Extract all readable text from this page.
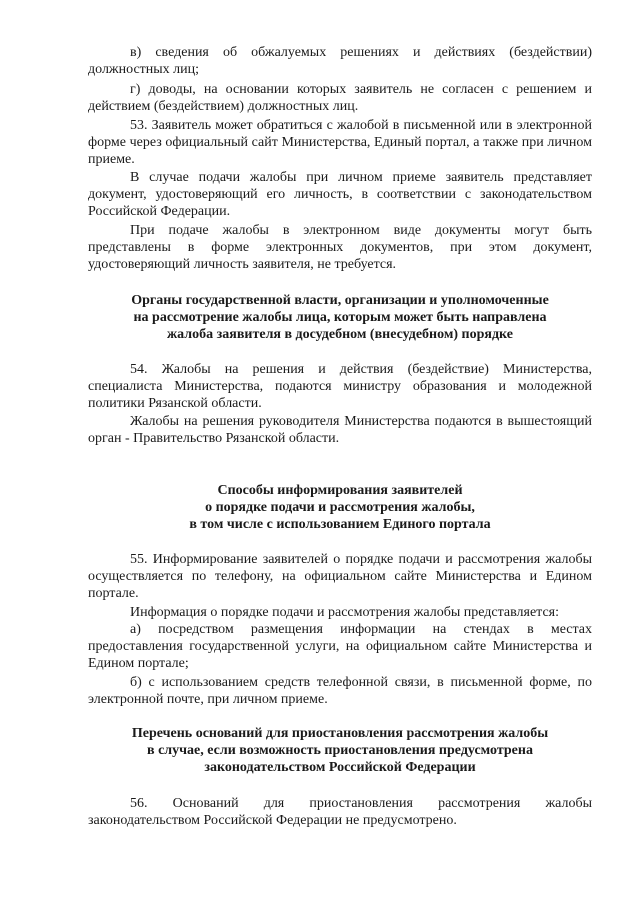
в) сведения об обжалуемых решениях и действиях (бездействии) должностных лиц;

г) доводы, на основании которых заявитель не согласен с решением и действием (бездействием) должностных лиц.

53. Заявитель может обратиться с жалобой в письменной или в электронной форме через официальный сайт Министерства, Единый портал, а также при личном приеме.

В случае подачи жалобы при личном приеме заявитель представляет документ, удостоверяющий его личность, в соответствии с законодательством Российской Федерации.

При подаче жалобы в электронном виде документы могут быть представлены в форме электронных документов, при этом документ, удостоверяющий личность заявителя, не требуется.

Органы государственной власти, организации и уполномоченные
на рассмотрение жалобы лица, которым может быть направлена
жалоба заявителя в досудебном (внесудебном) порядке

54. Жалобы на решения и действия (бездействие) Министерства, специалиста Министерства, подаются министру образования и молодежной политики Рязанской области.

Жалобы на решения руководителя Министерства подаются в вышестоящий орган - Правительство Рязанской области.

Способы информирования заявителей
о порядке подачи и рассмотрения жалобы,
в том числе с использованием Единого портала

55. Информирование заявителей о порядке подачи и рассмотрения жалобы осуществляется по телефону, на официальном сайте Министерства и Едином портале.

Информация о порядке подачи и рассмотрения жалобы представляется:

а) посредством размещения информации на стендах в местах предоставления государственной услуги, на официальном сайте Министерства и Едином портале;

б) с использованием средств телефонной связи, в письменной форме, по электронной почте, при личном приеме.

Перечень оснований для приостановления рассмотрения жалобы
в случае, если возможность приостановления предусмотрена
законодательством Российской Федерации

56. Оснований для приостановления рассмотрения жалобы законодательством Российской Федерации не предусмотрено.
